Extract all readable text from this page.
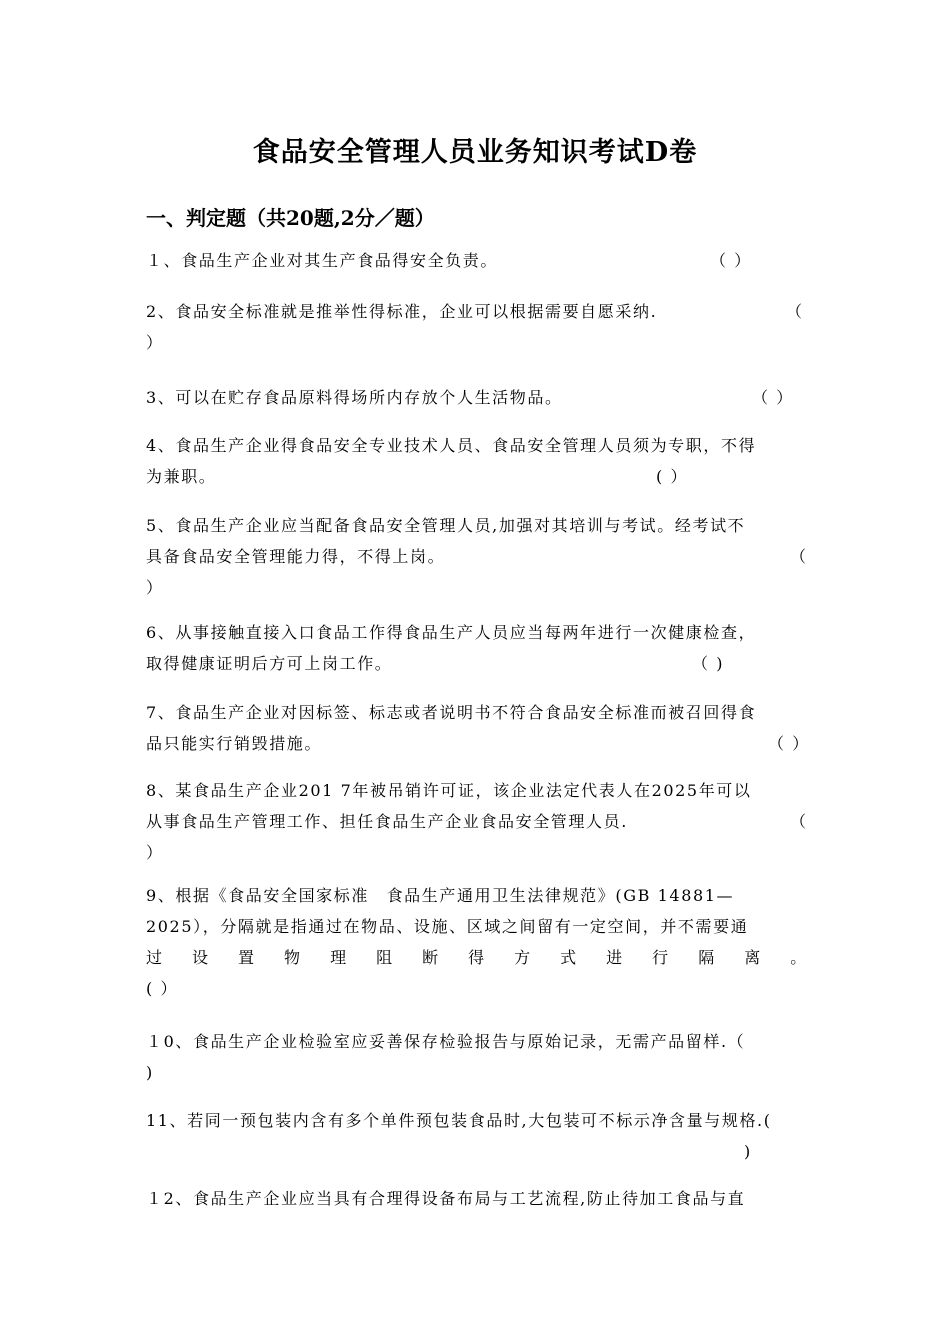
食品安全管理人员业务知识考试D卷
一、判定题（共20题,2分／题）
１、食品生产企业对其生产食品得安全负责。	（ ）
2、食品安全标准就是推举性得标准，企业可以根据需要自愿采纳.	（
）
3、可以在贮存食品原料得场所内存放个人生活物品。	（ ）
4、食品生产企业得食品安全专业技术人员、食品安全管理人员须为专职，不得
为兼职。	( ）
5、食品生产企业应当配备食品安全管理人员,加强对其培训与考试。经考试不
具备食品安全管理能力得，不得上岗。	（
）
6、从事接触直接入口食品工作得食品生产人员应当每两年进行一次健康检查，
取得健康证明后方可上岗工作。	（ )
7、食品生产企业对因标签、标志或者说明书不符合食品安全标准而被召回得食
品只能实行销毁措施。	（ ）
8、某食品生产企业201 7年被吊销许可证，该企业法定代表人在2025年可以
从事食品生产管理工作、担任食品生产企业食品安全管理人员.	（
）
9、根据《食品安全国家标准　食品生产通用卫生法律规范》(GB 14881—
2025），分隔就是指通过在物品、设施、区域之间留有一定空间，并不需要通
过 设 置 物 理 阻 断 得 方 式 进 行 隔 离 。
( ）
１0、食品生产企业检验室应妥善保存检验报告与原始记录，无需产品留样.（
)
11、若同一预包装内含有多个单件预包装食品时,大包装可不标示净含量与规格.(
)
１2、食品生产企业应当具有合理得设备布局与工艺流程,防止待加工食品与直
